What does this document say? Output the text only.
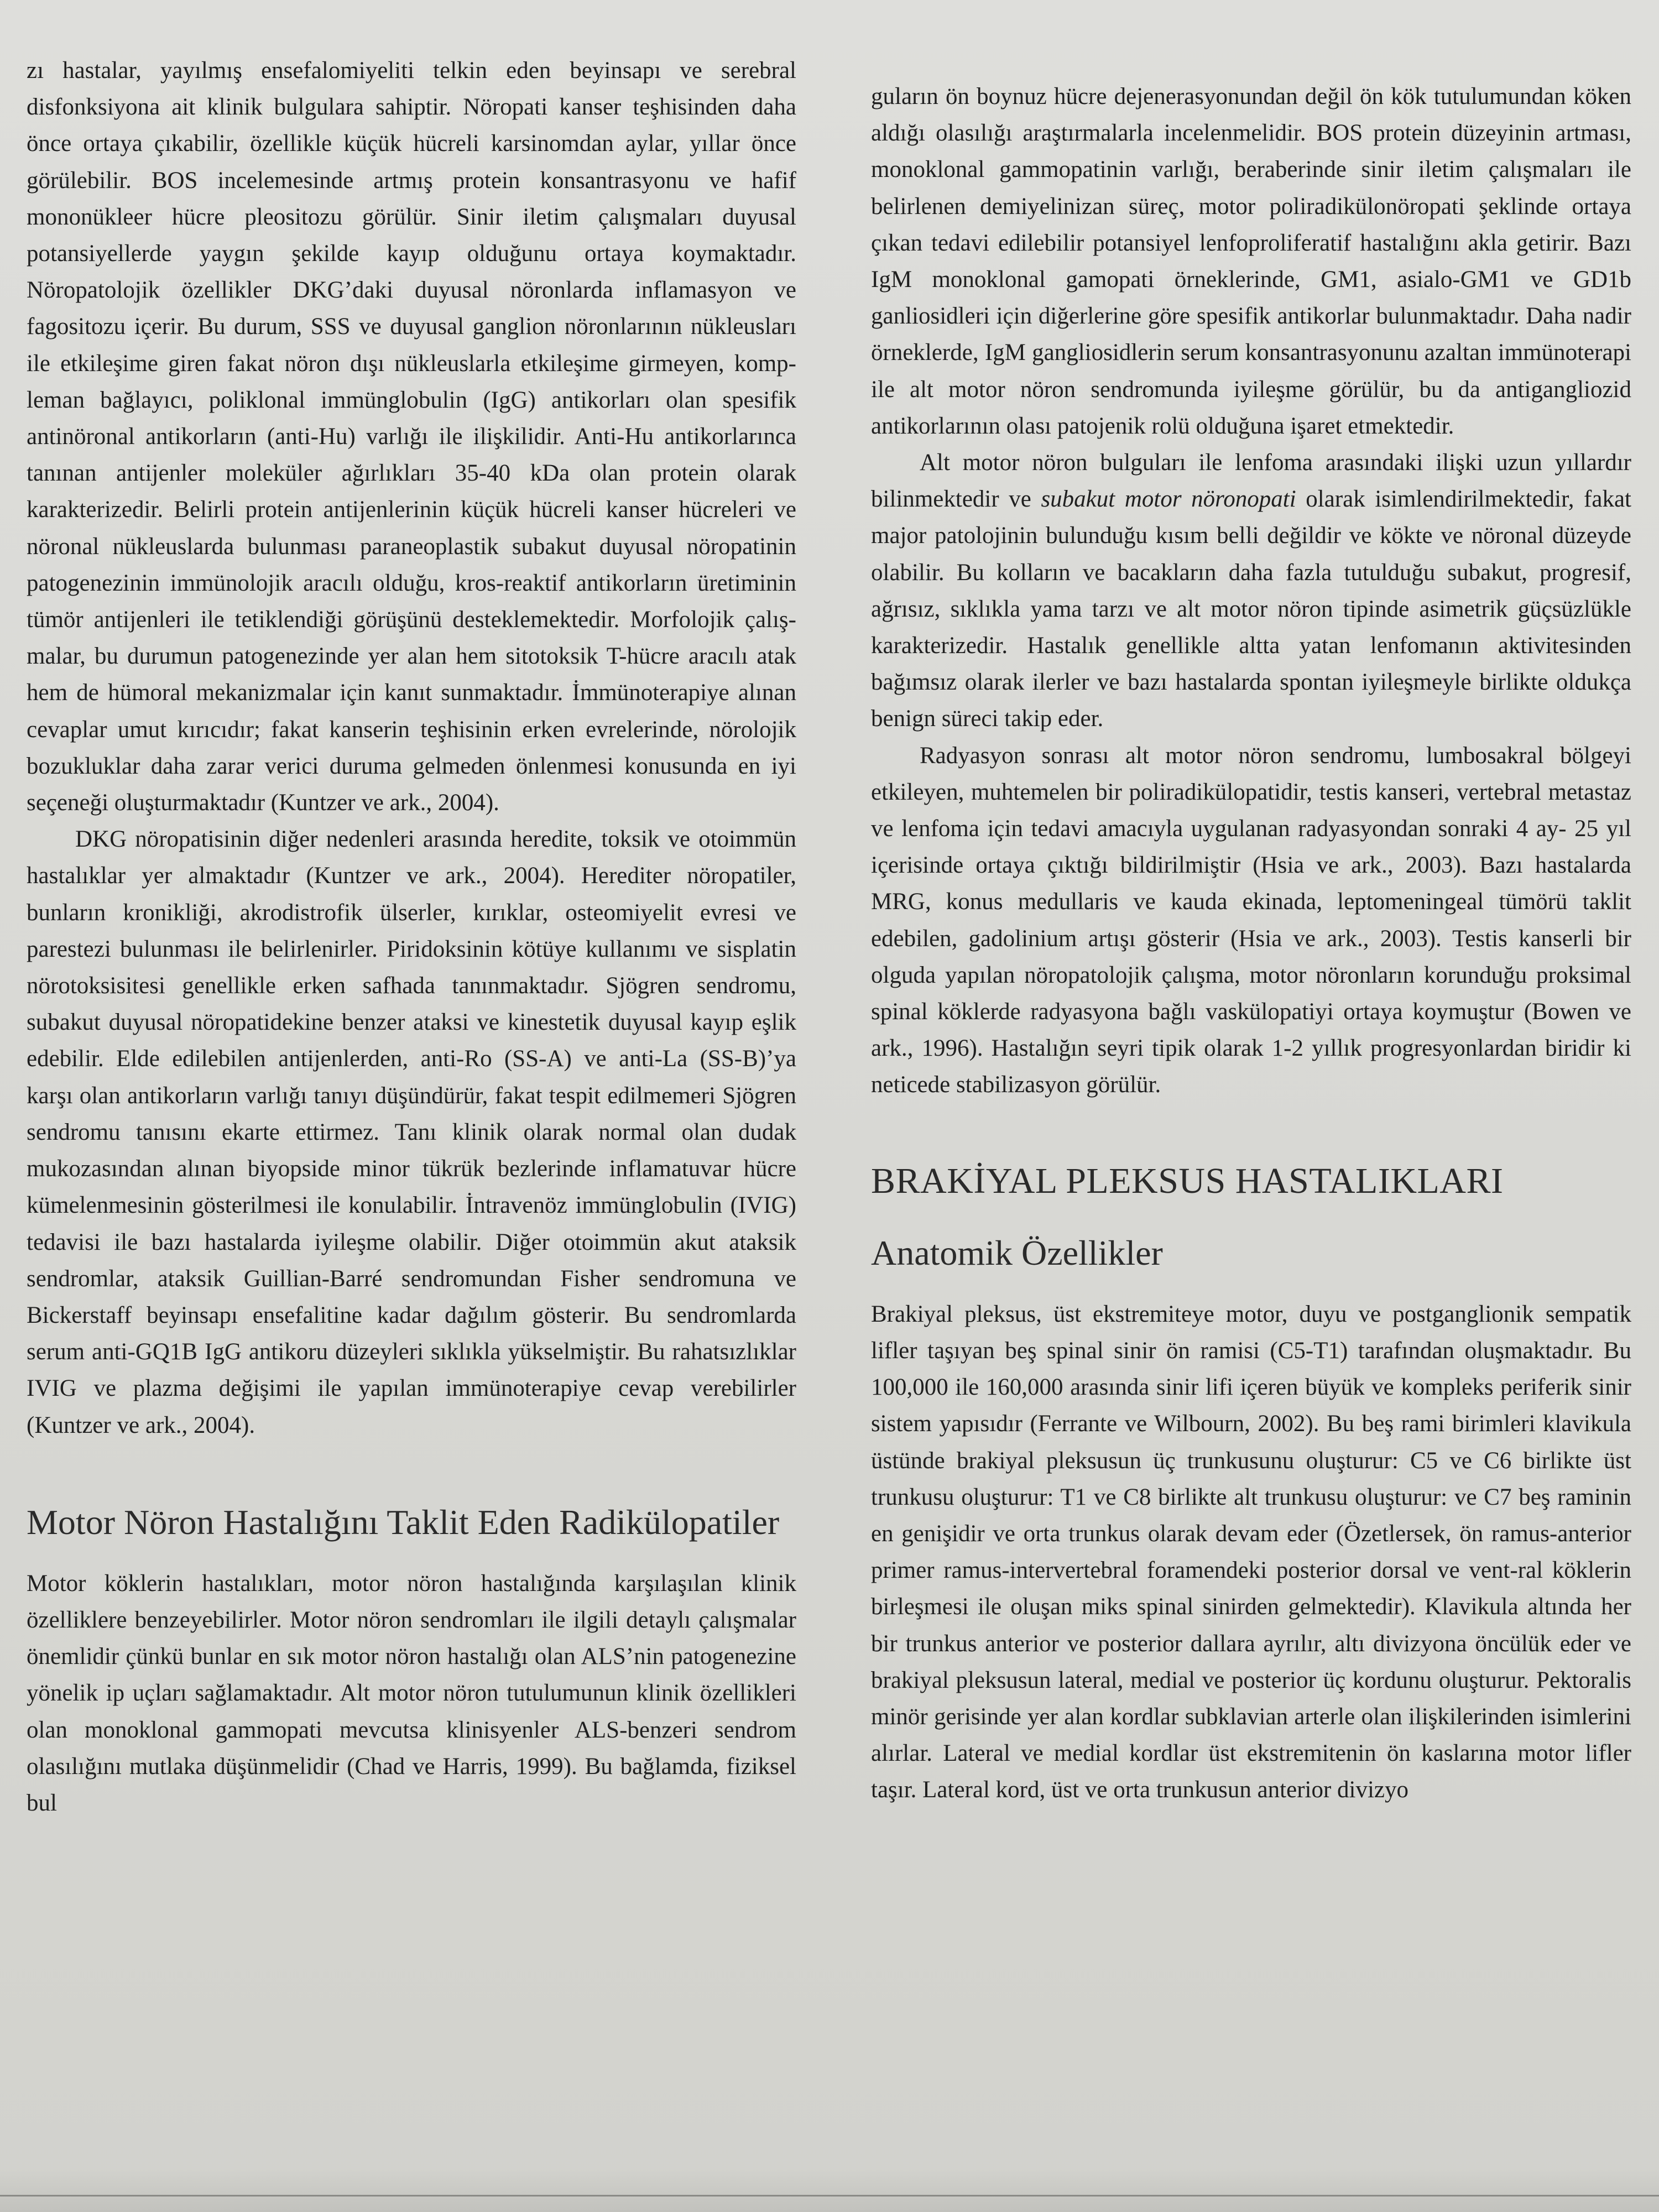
zı hastalar, yayılmış ensefalomiyeliti telkin eden beyinsapı ve serebral disfonksiyona ait klinik bulgulara sahiptir. Nöropati kanser teşhisinden daha önce ortaya çıkabilir, özellikle küçük hücreli karsinomdan aylar, yıllar önce görülebilir. BOS incelemesinde artmış protein konsantrasyonu ve hafif mononükleer hücre pleositozu görülür. Sinir iletim çalışmaları duyusal potansiyellerde yaygın şekilde kayıp olduğunu ortaya koymaktadır. Nöropatolojik özellikler DKG’daki duyusal nöronlarda inflamasyon ve fagositozu içerir. Bu durum, SSS ve duyusal ganglion nöronlarının nükleusları ile etkileşime giren fakat nöron dışı nükleuslarla etkileşime girmeyen, kompleman bağlayıcı, poliklonal immünglobulin (IgG) antikorları olan spesifik antinöronal antikorların (anti-Hu) varlığı ile ilişkilidir. Anti-Hu antikorlarınca tanınan antijenler moleküler ağırlıkları 35-40 kDa olan protein olarak karakterizedir. Belirli protein antijenlerinin küçük hücreli kanser hücreleri ve nöronal nükleuslarda bulunması paraneoplastik subakut duyusal nöropatinin patogenezinin immünolojik aracılı olduğu, kros-reaktif antikorların üretiminin tümör antijenleri ile tetiklendiği görüşünü desteklemektedir. Morfolojik çalışmalar, bu durumun patogenezinde yer alan hem sitotoksik T-hücre aracılı atak hem de hümoral mekanizmalar için kanıt sunmaktadır. İmmünoterapiye alınan cevaplar umut kırıcıdır; fakat kanserin teşhisinin erken evrelerinde, nörolojik bozukluklar daha zarar verici duruma gelmeden önlenmesi konusunda en iyi seçeneği oluşturmaktadır (Kuntzer ve ark., 2004).

DKG nöropatisinin diğer nedenleri arasında heredite, toksik ve otoimmün hastalıklar yer almaktadır (Kuntzer ve ark., 2004). Herediter nöropatiler, bunların kronikliği, akrodistrofik ülserler, kırıklar, osteomiyelit evresi ve parestezi bulunması ile belirlenirler. Piridoksinin kötüye kullanımı ve sisplatin nörotoksisitesi genellikle erken safhada tanınmaktadır. Sjögren sendromu, subakut duyusal nöropatidekine benzer ataksi ve kinestetik duyusal kayıp eşlik edebilir. Elde edilebilen antijenlerden, anti-Ro (SS-A) ve anti-La (SS-B)’ya karşı olan antikorların varlığı tanıyı düşündürür, fakat tespit edilmemeri Sjögren sendromu tanısını ekarte ettirmez. Tanı klinik olarak normal olan dudak mukozasından alınan biyopside minor tükrük bezlerinde inflamatuvar hücre kümelenmesinin gösterilmesi ile konulabilir. İntravenöz immünglobulin (IVIG) tedavisi ile bazı hastalarda iyileşme olabilir. Diğer otoimmün akut ataksik sendromlar, ataksik Guillian-Barré sendromundan Fisher sendromuna ve Bickerstaff beyinsapı ensefalitine kadar dağılım gösterir. Bu sendromlarda serum anti-GQ1B IgG antikoru düzeyleri sıklıkla yükselmiştir. Bu rahatsızlıklar IVIG ve plazma değişimi ile yapılan immünoterapiye cevap verebilirler (Kuntzer ve ark., 2004).

Motor Nöron Hastalığını Taklit Eden Radikülopatiler

Motor köklerin hastalıkları, motor nöron hastalığında karşılaşılan klinik özelliklere benzeyebilirler. Motor nöron sendromları ile ilgili detaylı çalışmalar önemlidir çünkü bunlar en sık motor nöron hastalığı olan ALS’nin patogenezine yönelik ip uçları sağlamaktadır. Alt motor nöron tutulumunun klinik özellikleri olan monoklonal gammopati mevcutsa klinisyenler ALS-benzeri sendrom olasılığını mutlaka düşünmelidir (Chad ve Harris, 1999). Bu bağlamda, fiziksel bul

guların ön boynuz hücre dejenerasyonundan değil ön kök tutulumundan köken aldığı olasılığı araştırmalarla incelenmelidir. BOS protein düzeyinin artması, monoklonal gammopatinin varlığı, beraberinde sinir iletim çalışmaları ile belirlenen demiyelinizan süreç, motor poliradikülonöropati şeklinde ortaya çıkan tedavi edilebilir potansiyel lenfoproliferatif hastalığını akla getirir. Bazı IgM monoklonal gamopati örneklerinde, GM1, asialo-GM1 ve GD1b ganliosidleri için diğerlerine göre spesifik antikorlar bulunmaktadır. Daha nadir örneklerde, IgM gangliosidlerin serum konsantrasyonunu azaltan immünoterapi ile alt motor nöron sendromunda iyileşme görülür, bu da antigangliozid antikorlarının olası patojenik rolü olduğuna işaret etmektedir.

Alt motor nöron bulguları ile lenfoma arasındaki ilişki uzun yıllardır bilinmektedir ve subakut motor nöronopati olarak isimlendirilmektedir, fakat major patolojinin bulunduğu kısım belli değildir ve kökte ve nöronal düzeyde olabilir. Bu kolların ve bacakların daha fazla tutulduğu subakut, progresif, ağrısız, sıklıkla yama tarzı ve alt motor nöron tipinde asimetrik güçsüzlükle karakterizedir. Hastalık genellikle altta yatan lenfomanın aktivitesinden bağımsız olarak ilerler ve bazı hastalarda spontan iyileşmeyle birlikte oldukça benign süreci takip eder.

Radyasyon sonrası alt motor nöron sendromu, lumbosakral bölgeyi etkileyen, muhtemelen bir poliradikülopatidir, testis kanseri, vertebral metastaz ve lenfoma için tedavi amacıyla uygulanan radyasyondan sonraki 4 ay- 25 yıl içerisinde ortaya çıktığı bildirilmiştir (Hsia ve ark., 2003). Bazı hastalarda MRG, konus medullaris ve kauda ekinada, leptomeningeal tümörü taklit edebilen, gadolinium artışı gösterir (Hsia ve ark., 2003). Testis kanserli bir olguda yapılan nöropatolojik çalışma, motor nöronların korunduğu proksimal spinal köklerde radyasyona bağlı vaskülopatiyi ortaya koymuştur (Bowen ve ark., 1996). Hastalığın seyri tipik olarak 1-2 yıllık progresyonlardan biridir ki neticede stabilizasyon görülür.

BRAKİYAL PLEKSUS HASTALIKLARI
Anatomik Özellikler

Brakiyal pleksus, üst ekstremiteye motor, duyu ve postganglionik sempatik lifler taşıyan beş spinal sinir ön ramisi (C5-T1) tarafından oluşmaktadır. Bu 100,000 ile 160,000 arasında sinir lifi içeren büyük ve kompleks periferik sinir sistem yapısıdır (Ferrante ve Wilbourn, 2002). Bu beş rami birimleri klavikula üstünde brakiyal pleksusun üç trunkusunu oluşturur: C5 ve C6 birlikte üst trunkusu oluşturur: T1 ve C8 birlikte alt trunkusu oluşturur: ve C7 beş raminin en genişidir ve orta trunkus olarak devam eder (Özetlersek, ön ramus-anterior primer ramus-intervertebral foramendeki posterior dorsal ve vent-ral köklerin birleşmesi ile oluşan miks spinal sinirden gelmektedir). Klavikula altında her bir trunkus anterior ve posterior dallara ayrılır, altı divizyona öncülük eder ve brakiyal pleksusun lateral, medial ve posterior üç kordunu oluşturur. Pektoralis minör gerisinde yer alan kordlar subklavian arterle olan ilişkilerinden isimlerini alırlar. Lateral ve medial kordlar üst ekstremitenin ön kaslarına motor lifler taşır. Lateral kord, üst ve orta trunkusun anterior divizyo
